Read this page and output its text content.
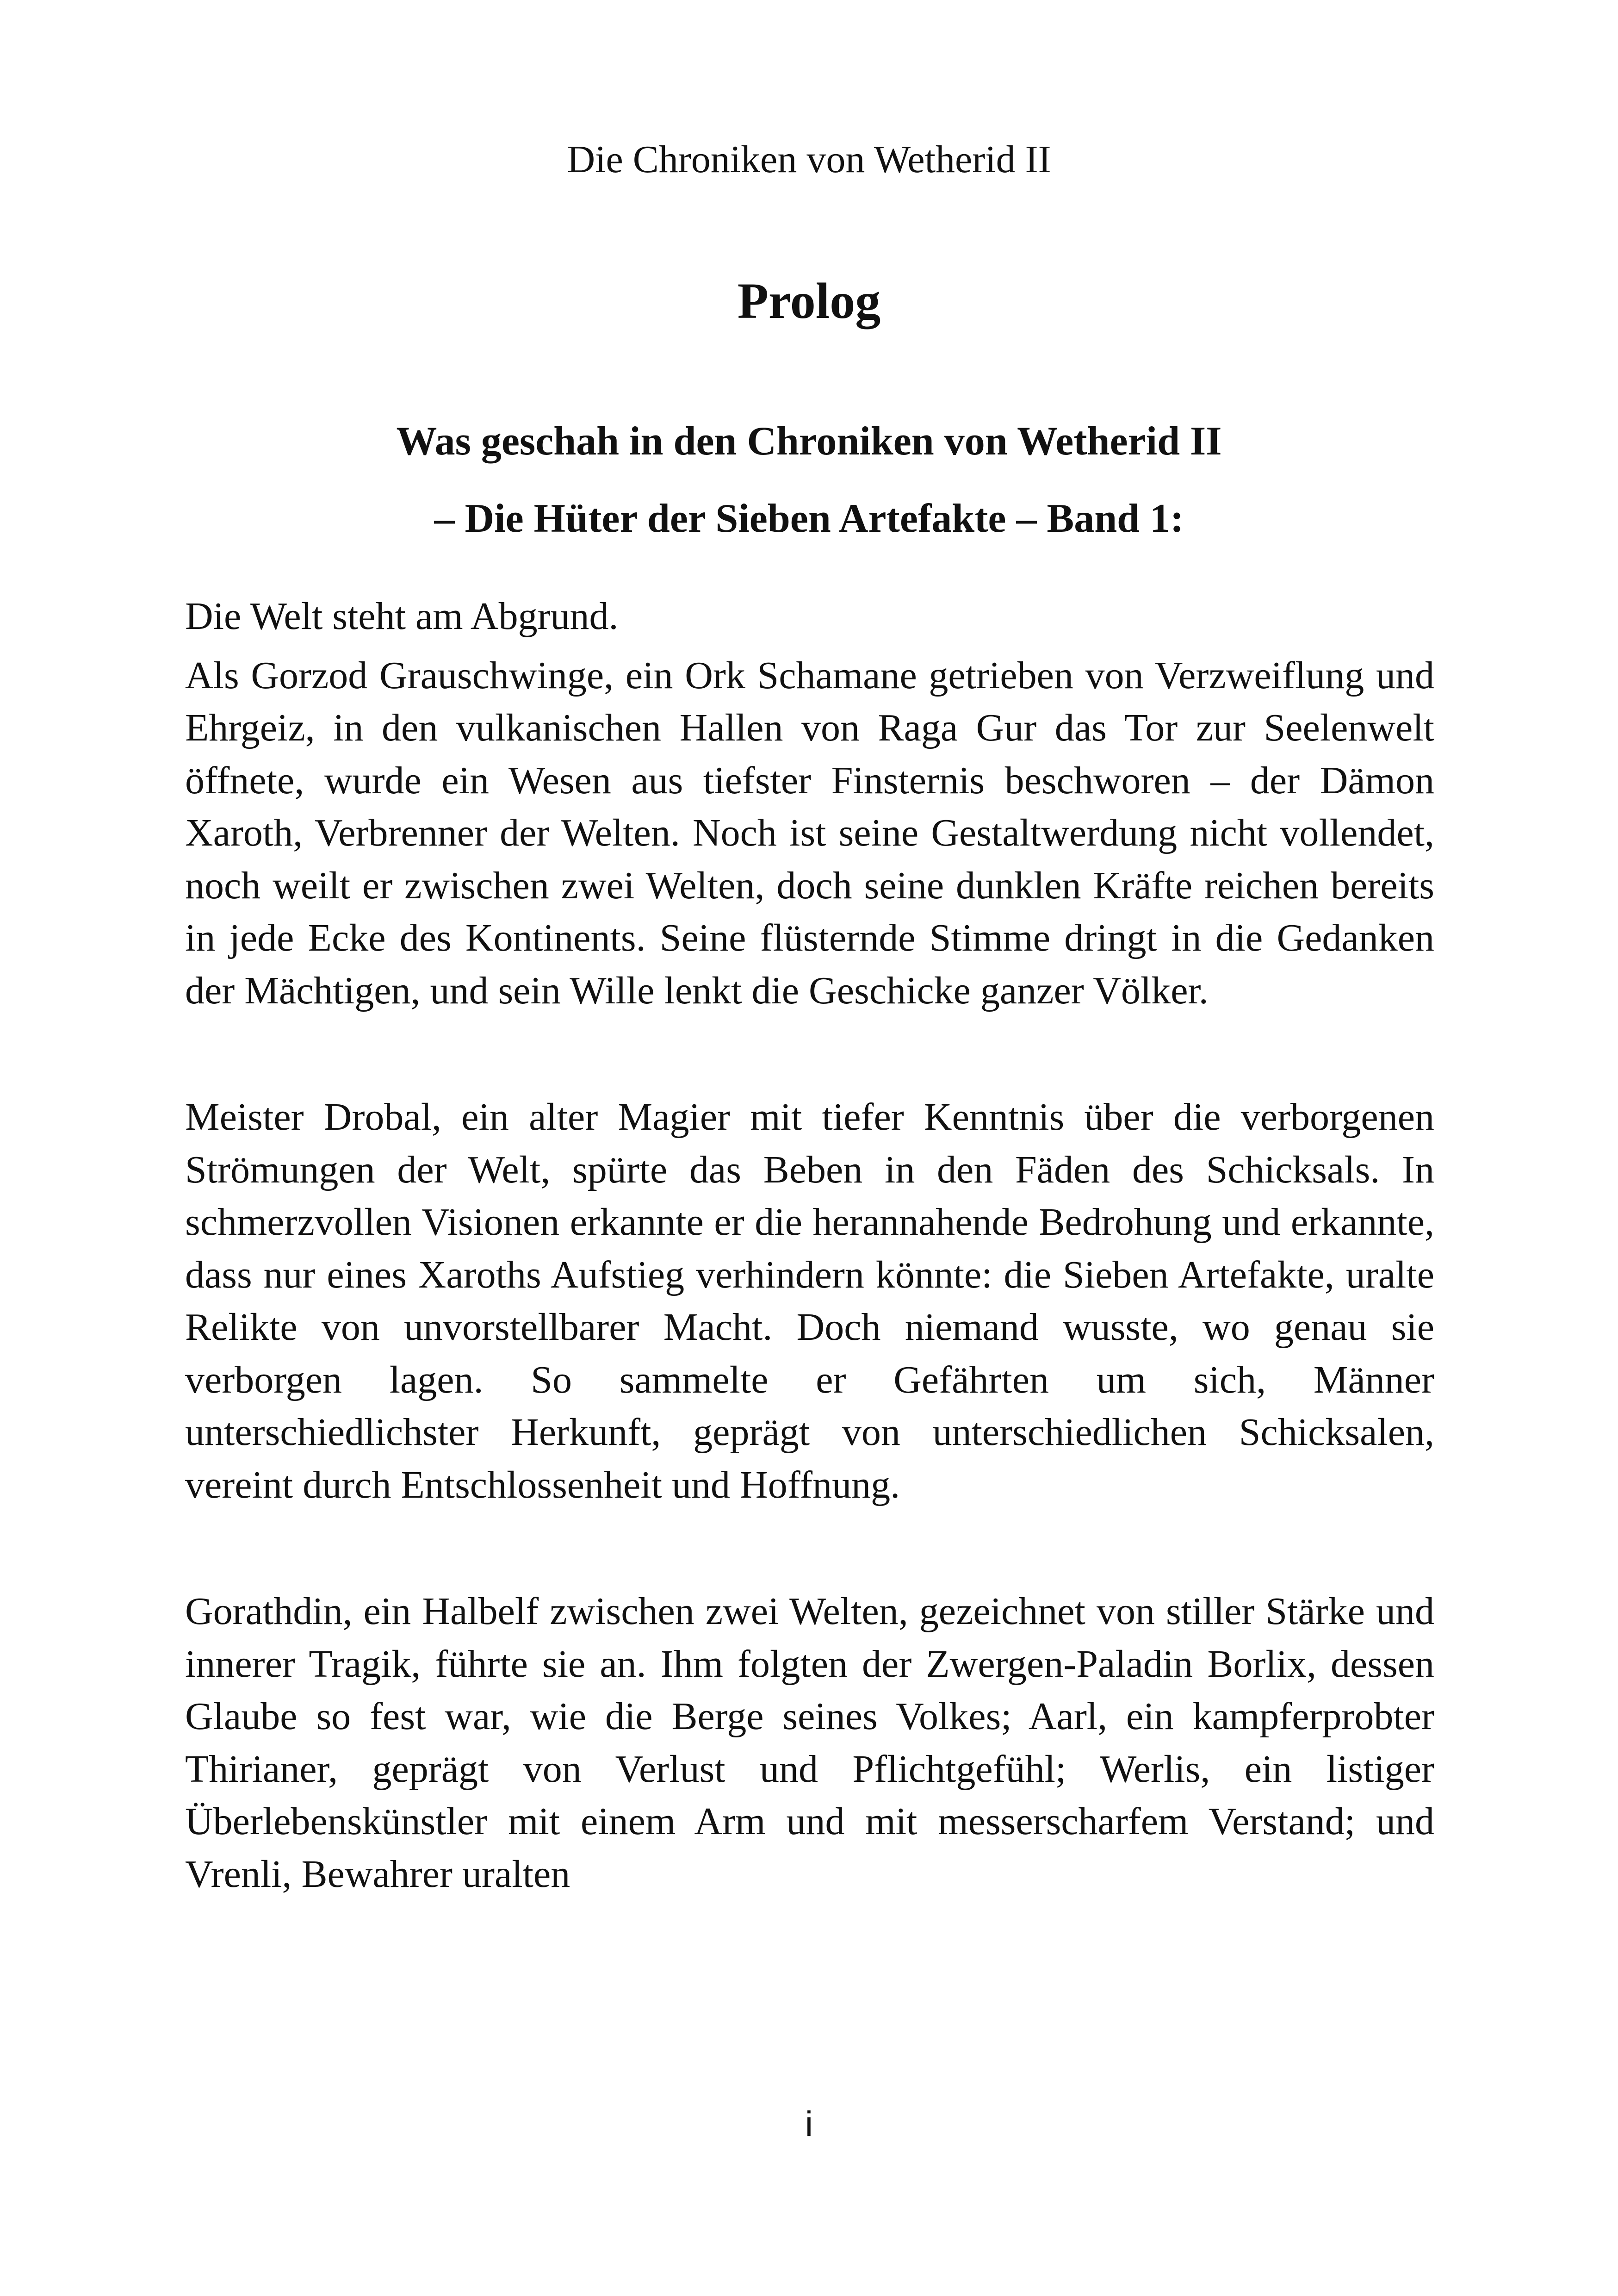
Die Chroniken von Wetherid II
Prolog
Was geschah in den Chroniken von Wetherid II
– Die Hüter der Sieben Artefakte – Band 1:

Die Welt steht am Abgrund.

Als Gorzod Grauschwinge, ein Ork Schamane getrieben von Verzweiflung und Ehrgeiz, in den vulkanischen Hallen von Raga Gur das Tor zur Seelenwelt öffnete, wurde ein Wesen aus tiefster Finsternis beschworen – der Dämon Xaroth, Verbrenner der Welten. Noch ist seine Gestaltwerdung nicht vollendet, noch weilt er zwischen zwei Welten, doch seine dunklen Kräfte reichen bereits in jede Ecke des Kontinents. Seine flüsternde Stimme dringt in die Gedanken der Mächtigen, und sein Wille lenkt die Geschicke ganzer Völker.

Meister Drobal, ein alter Magier mit tiefer Kenntnis über die verborgenen Strömungen der Welt, spürte das Beben in den Fäden des Schicksals. In schmerzvollen Visionen erkannte er die herannahende Bedrohung und erkannte, dass nur eines Xaroths Aufstieg verhindern könnte: die Sieben Artefakte, uralte Relikte von unvorstellbarer Macht. Doch niemand wusste, wo genau sie verborgen lagen. So sammelte er Gefährten um sich, Männer unterschiedlichster Herkunft, geprägt von unterschiedlichen Schicksalen, vereint durch Entschlossenheit und Hoffnung.

Gorathdin, ein Halbelf zwischen zwei Welten, gezeichnet von stiller Stärke und innerer Tragik, führte sie an. Ihm folgten der Zwergen-Paladin Borlix, dessen Glaube so fest war, wie die Berge seines Volkes; Aarl, ein kampferprobter Thirianer, geprägt von Verlust und Pflichtgefühl; Werlis, ein listiger Überlebenskünstler mit einem Arm und mit messerscharfem Verstand; und Vrenli, Bewahrer uralten

i
